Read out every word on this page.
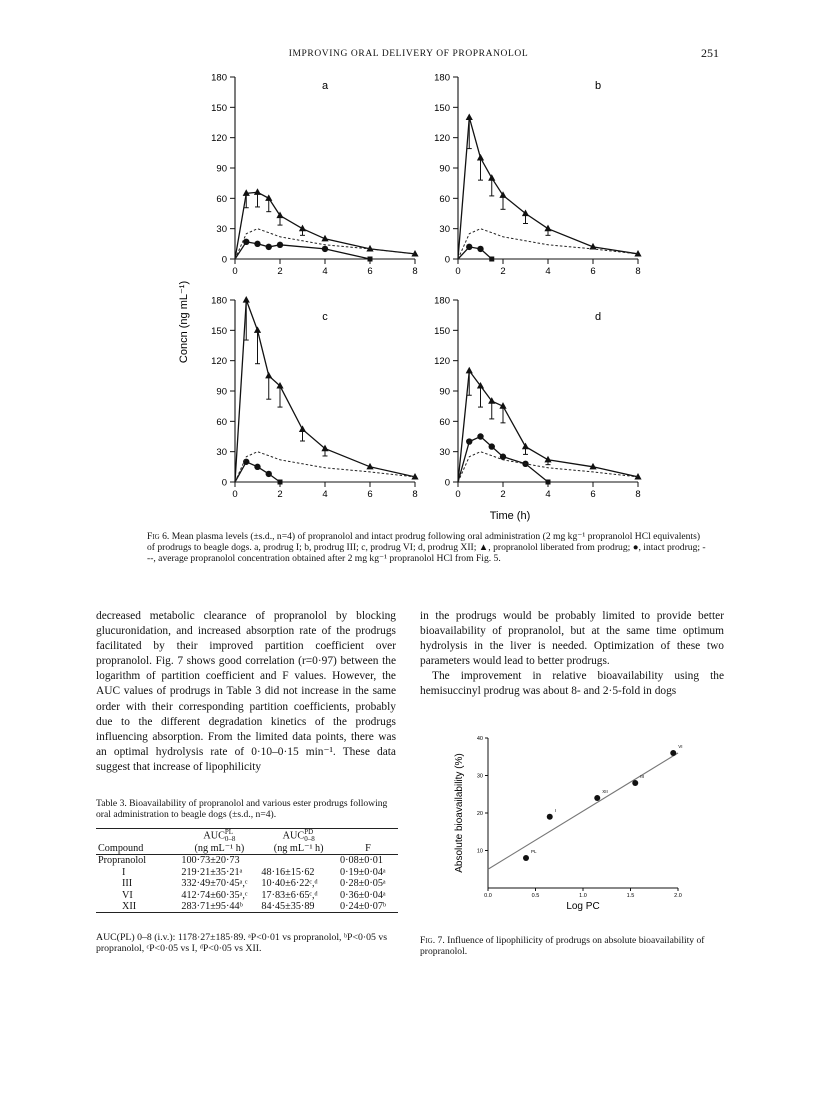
IMPROVING ORAL DELIVERY OF PROPRANOLOL	251
Concn (ng mL⁻¹)
Time (h)
0
30
60
90
120
150
180
0	2	4	6	8
a
0
30
60
90
120
150
180
0	2	4	6	8
b
0
30
60
90
120
150
180
0	2	4	6	8
c
0
30
60
90
120
150
180
0	2	4	6	8
d
Fig 6. Mean plasma levels (±s.d., n=4) of propranolol and intact prodrug following oral administration (2 mg kg⁻¹ propranolol HCl equivalents) of prodrugs to beagle dogs. a, prodrug I; b, prodrug III; c, prodrug VI; d, prodrug XII; ▲, propranolol liberated from prodrug; ●, intact prodrug; ---, average propranolol concentration obtained after 2 mg kg⁻¹ propranolol HCl from Fig. 5.
decreased metabolic clearance of propranolol by blocking glucuronidation, and increased absorption rate of the prodrugs facilitated by their improved partition coefficient over propranolol. Fig. 7 shows good correlation (r=0·97) between the logarithm of partition coefficient and F values. However, the AUC values of prodrugs in Table 3 did not increase in the same order with their corresponding partition coefficients, probably due to the different degradation kinetics of the prodrugs influencing absorption. From the limited data points, there was an optimal hydrolysis rate of 0·10–0·15 min⁻¹. These data suggest that increase of lipophilicity

in the prodrugs would be probably limited to provide better bioavailability of propranolol, but at the same time optimum hydrolysis in the liver is needed. Optimization of these two parameters would lead to better prodrugs.

The improvement in relative bioavailability using the hemisuccinyl prodrug was about 8- and 2·5-fold in dogs

Table 3. Bioavailability of propranolol and various ester prodrugs following oral administration to beagle dogs (±s.d., n=4).
Compound	AUCPL
0–8
(ng mL⁻¹ h)	AUCPD
0–8
(ng mL⁻¹ h)	F
Propranolol	100·73±20·73		0·08±0·01
I	219·21±35·21ᵃ	48·16±15·62	0·19±0·04ᵃ
III	332·49±70·45ᵃ,ᶜ	10·40±6·22ᶜ,ᵈ	0·28±0·05ᵃ
VI	412·74±60·35ᵃ,ᶜ	17·83±6·65ᶜ,ᵈ	0·36±0·04ᵃ
XII	283·71±95·44ᵇ	84·45±35·89	0·24±0·07ᵇ
AUC(PL) 0–8 (i.v.): 1178·27±185·89. ᵃP<0·01 vs propranolol, ᵇP<0·05 vs propranolol, ᶜP<0·05 vs I, ᵈP<0·05 vs XII.
10
20
30
40
0.0	0.5	1.0	1.5	2.0
Log PC
Absolute bioavailability (%)	PL
I
XII
III
VI
Fig. 7. Influence of lipophilicity of prodrugs on absolute bioavailability of propranolol.
